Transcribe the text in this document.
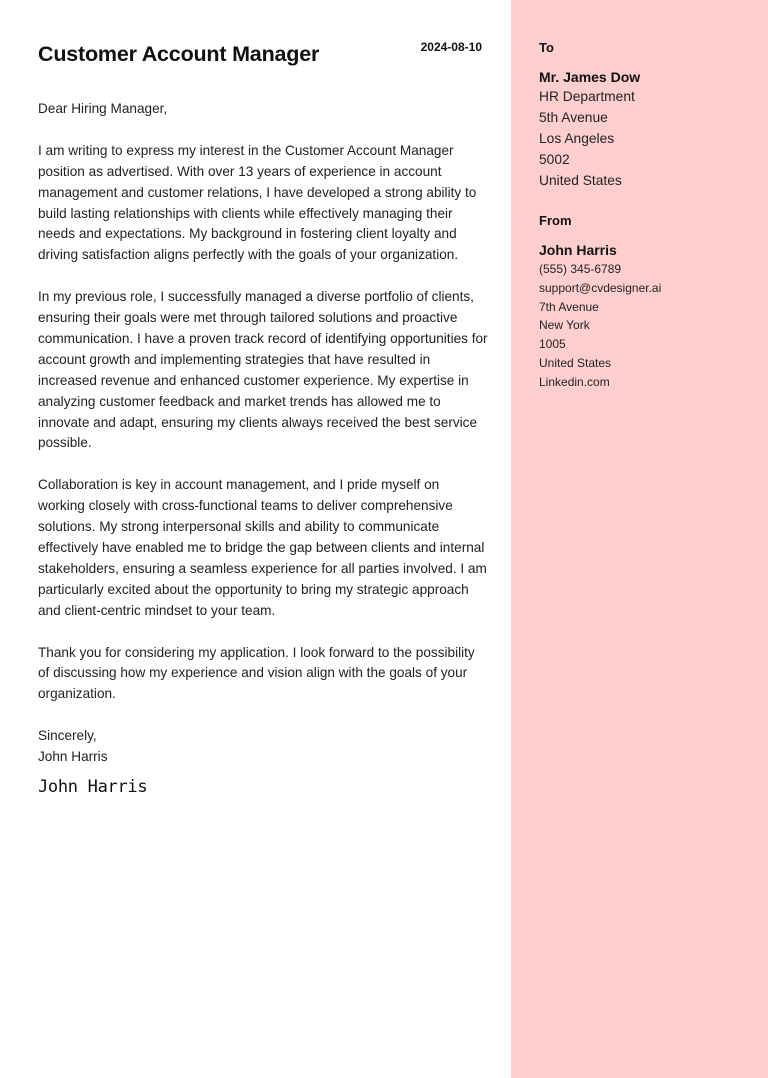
Customer Account Manager	2024-08-10

Dear Hiring Manager,

I am writing to express my interest in the Customer Account Manager position as advertised. With over 13 years of experience in account management and customer relations, I have developed a strong ability to build lasting relationships with clients while effectively managing their needs and expectations. My background in fostering client loyalty and driving satisfaction aligns perfectly with the goals of your organization.

In my previous role, I successfully managed a diverse portfolio of clients, ensuring their goals were met through tailored solutions and proactive communication. I have a proven track record of identifying opportunities for account growth and implementing strategies that have resulted in increased revenue and enhanced customer experience. My expertise in analyzing customer feedback and market trends has allowed me to innovate and adapt, ensuring my clients always received the best service possible.

Collaboration is key in account management, and I pride myself on working closely with cross-functional teams to deliver comprehensive solutions. My strong interpersonal skills and ability to communicate effectively have enabled me to bridge the gap between clients and internal stakeholders, ensuring a seamless experience for all parties involved. I am particularly excited about the opportunity to bring my strategic approach and client-centric mindset to your team.

Thank you for considering my application. I look forward to the possibility of discussing how my experience and vision align with the goals of your organization.

Sincerely,
John Harris
John Harris
To
Mr. James Dow
HR Department
5th Avenue
Los Angeles
5002
United States
From
John Harris
(555) 345-6789
support@cvdesigner.ai
7th Avenue
New York
1005
United States
Linkedin.com
